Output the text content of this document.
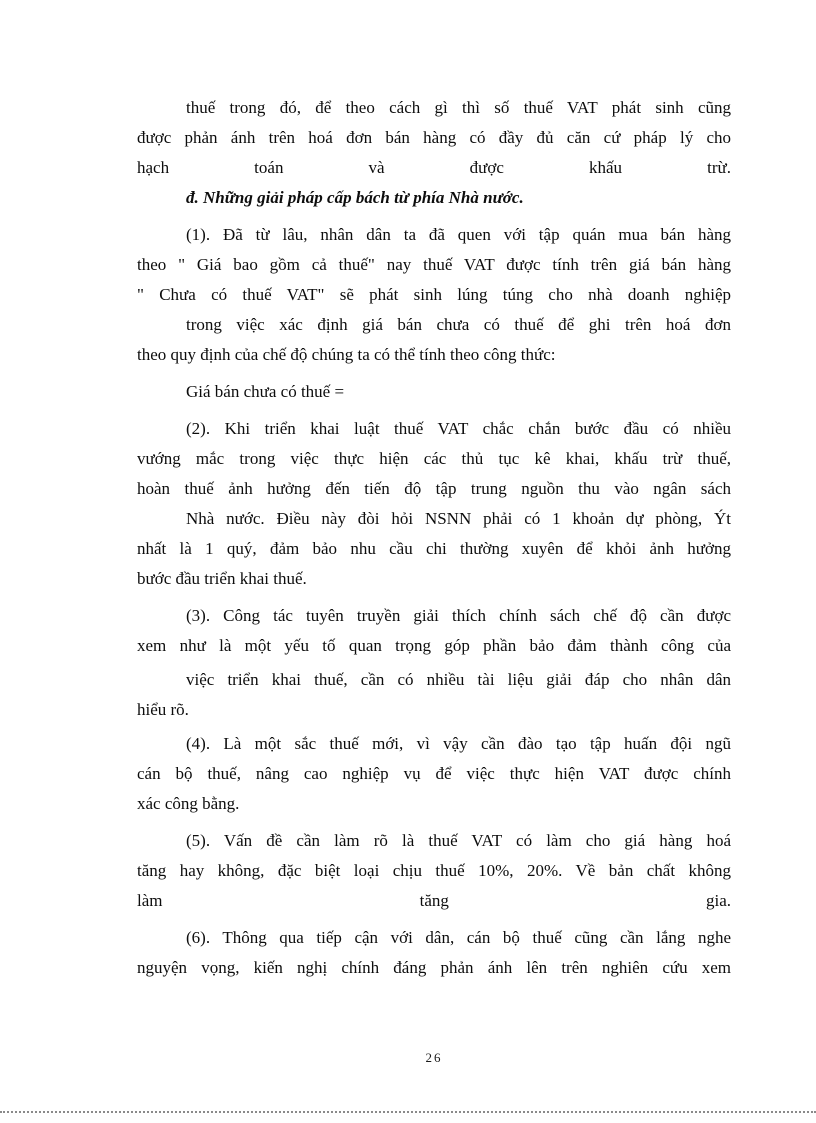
thuế trong đó, để theo cách gì thì số thuế VAT phát sinh cũng
được phản ánh trên hoá đơn bán hàng có đầy đủ căn cứ pháp lý cho
hạch toán và được khấu trừ.
đ. Những giải pháp cấp bách từ phía Nhà nước.
(1). Đã từ lâu, nhân dân ta đã quen với tập quán mua bán hàng
theo " Giá bao gồm cả thuế" nay thuế VAT được tính trên giá bán hàng
" Chưa có thuế VAT" sẽ phát sinh lúng túng cho nhà doanh nghiệp
trong việc xác định giá bán chưa có thuế để ghi trên hoá đơn
theo quy định của chế độ chúng ta có thể tính theo công thức:
Giá bán chưa có thuế =
(2). Khi triển khai luật thuế VAT chắc chắn bước đầu có nhiều
vướng mắc trong việc thực hiện các thủ tục kê khai, khấu trừ thuế,
hoàn thuế ảnh hưởng đến tiến độ tập trung nguồn thu vào ngân sách
Nhà nước. Điều này đòi hỏi NSNN phải có 1 khoản dự phòng, Ýt
nhất là 1 quý, đảm bảo nhu cầu chi thường xuyên để khỏi ảnh hưởng
bước đầu triển khai thuế.
(3). Công tác tuyên truyền giải thích chính sách chế độ cần được
xem như là một yếu tố quan trọng góp phần bảo đảm thành công của
việc triển khai thuế, cần có nhiều tài liệu giải đáp cho nhân dân
hiểu rõ.
(4). Là một sắc thuế mới, vì vậy cần đào tạo tập huấn đội ngũ
cán bộ thuế, nâng cao nghiệp vụ để việc thực hiện VAT được chính
xác công bằng.
(5). Vấn đề cần làm rõ là thuế VAT có làm cho giá hàng hoá
tăng hay không, đặc biệt loại chịu thuế 10%, 20%. Về bản chất không
làm tăng gia.
(6). Thông qua tiếp cận với dân, cán bộ thuế cũng cần lắng nghe
nguyện vọng, kiến nghị chính đáng phản ánh lên trên nghiên cứu xem
26
